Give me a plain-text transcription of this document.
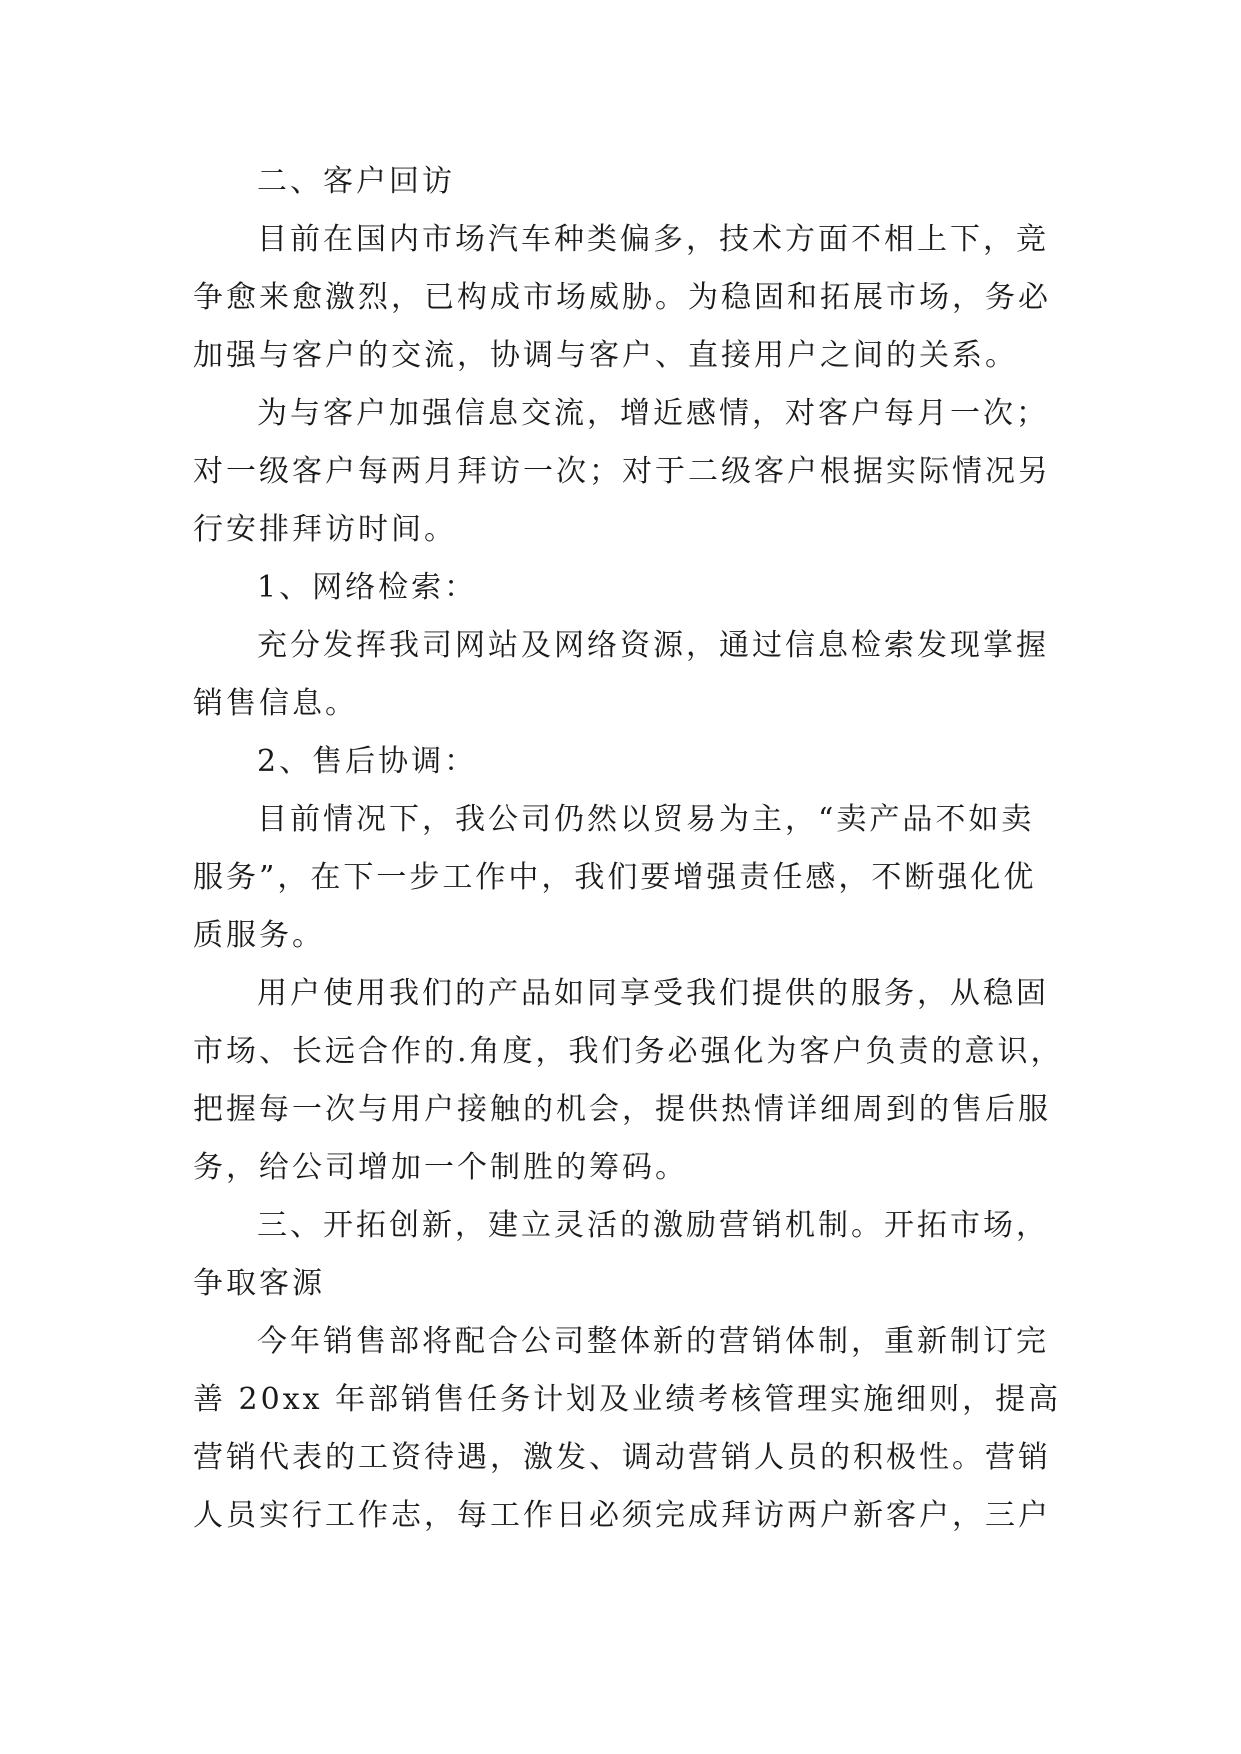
二、客户回访
目前在国内市场汽车种类偏多，技术方面不相上下，竞
争愈来愈激烈，已构成市场威胁。为稳固和拓展市场，务必
加强与客户的交流，协调与客户、直接用户之间的关系。
为与客户加强信息交流，增近感情，对客户每月一次；
对一级客户每两月拜访一次；对于二级客户根据实际情况另
行安排拜访时间。
1、网络检索：
充分发挥我司网站及网络资源，通过信息检索发现掌握
销售信息。
2、售后协调：
目前情况下，我公司仍然以贸易为主，“卖产品不如卖
服务”，在下一步工作中，我们要增强责任感，不断强化优
质服务。
用户使用我们的产品如同享受我们提供的服务，从稳固
市场、长远合作的.角度，我们务必强化为客户负责的意识，
把握每一次与用户接触的机会，提供热情详细周到的售后服
务，给公司增加一个制胜的筹码。
三、开拓创新，建立灵活的激励营销机制。开拓市场，
争取客源
今年销售部将配合公司整体新的营销体制，重新制订完
善 20xx 年部销售任务计划及业绩考核管理实施细则，提高
营销代表的工资待遇，激发、调动营销人员的积极性。营销
人员实行工作志，每工作日必须完成拜访两户新客户，三户
